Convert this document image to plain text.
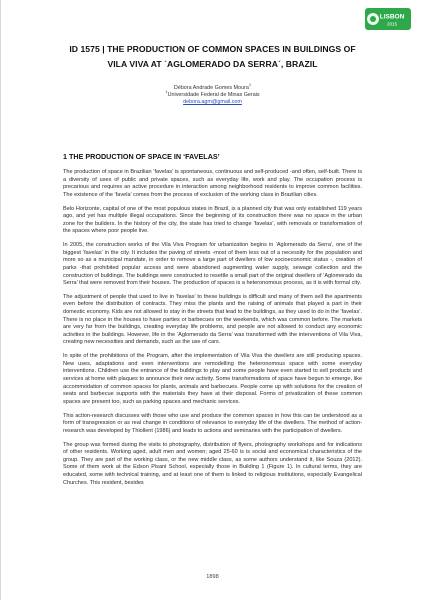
LISBON
2015
ID 1575 | THE PRODUCTION OF COMMON SPACES IN BUILDINGS OF
VILA VIVA AT ´AGLOMERADO DA SERRA´, BRAZIL
Débora Andrade Gomes Moura$^1$
$^1$Universidade Federal de Minas Gerais
debora.agm@gmail.com
1 THE PRODUCTION OF SPACE IN ‘FAVELAS’

The production of space in Brazilian ‘favelas’ is spontaneous, continuous and self-produced -and often, self-built. There is a diversity of uses of public and private spaces, such as everyday life, work and play. The occupation process is precarious and requires an active procedure in interaction among neighborhood residents to improve common facilities. The existence of the ‘favela’ comes from the process of exclusion of the working class in Brazilian cities.

Belo Horizonte, capital of one of the most populous states in Brazil, is a planned city that was only established 119 years ago, and yet has multiple illegal occupations. Since the beginning of its construction there was no space in the urban zone for the builders. In the history of the city, the state has tried to change ‘favelas’, with removals or transformation of the spaces where poor people live.

In 2005, the construction works of the Vila Viva Program for urbanization begins in ‘Aglomerado da Serra’, one of the biggest ‘favelas’ in the city. It includes the paving of streets -most of them less out of a necessity for the population and more so as a municipal mandate, in order to remove a large part of dwellers of low socioeconomic status -, creation of parks -that prohibited popular access and were abandoned augmenting water supply, sewage collection and the construction of buildings. The buildings were constructed to resettle a small part of the original dwellers of ‘Aglomerado da Serra’ that were removed from their houses. The production of spaces is a heteronomous process, as it is with formal city.

The adjustment of people that used to live in ‘favelas’ to these buildings is difficult and many of them sell the apartments even before the distribution of contracts. They miss the plants and the raising of animals that played a part in their domestic economy. Kids are not allowed to stay in the streets that lead to the buildings, as they used to do in the ‘favelas’. There is no place in the houses to have parties or barbecues on the weekends, which was common before. The markets are very far from the buildings, creating everyday life problems, and people are not allowed to conduct any economic activities in the buildings. However, life in the ‘Aglomerado da Serra’ was transformed with the interventions of Vila Viva, creating new necessities and demands, such as the use of cars.

In spite of the prohibitions of the Program, after the implementation of Vila Viva the dwellers are still producing spaces. New uses, adaptations and even interventions are remodelling the heteronomous space with some everyday interventions. Children use the entrance of the buildings to play and some people have even started to sell products and services at home with plaques to announce their new activity. Some transformations of space have begun to emerge, like accommodation of common spaces for plants, animals and barbecues. People come up with solutions for the creation of seats and barbecue supports with the materials they have at their disposal. Forms of privatization of these common spaces are present too, such as parking spaces and mechanic services.

This action-research discusses with those who use and produce the common spaces in how this can be understood as a form of transgression or as real change in conditions of relevance to everyday life of the dwellers. The method of action-research was developed by Thiollent (1986) and leads to actions and seminaries with the participation of dwellers.

The group was formed during the visits to photography, distribution of flyers, photography workshops and for indications of other residents. Working aged, adult men and women; aged 25-60 is is social and economical characteristics of the group. They are part of the working class, or the new middle class, as some authors understand it, like Souza (2012). Some of them work at the Edson Pisani School, especially those in Building 1 (Figure 1). In cultural terms, they are educated, some with technical training, and at least one of them is linked to religious institutions, especially Evangelical Churches. This resident, besides

1898
